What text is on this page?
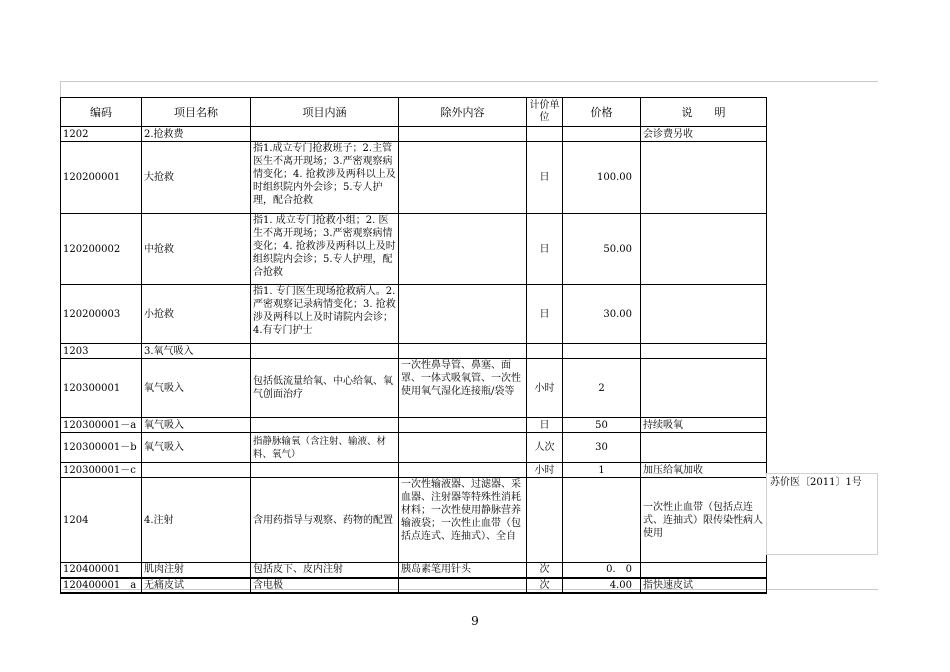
编码	项目名称	项目内涵	除外内容	计价单位	价格	说　　明
1202	2.抢救费					会诊费另收
120200001	大抢救	指1.成立专门抢救班子；2.主管医生不离开现场；3.严密观察病情变化；4. 抢救涉及两科以上及时组织院内外会诊；5.专人护理，配合抢救		日	100.00	
120200002	中抢救	指1. 成立专门抢救小组；2. 医生不离开现场；3.严密观察病情变化；4. 抢救涉及两科以上及时组织院内会诊；5.专人护理，配合抢救		日	50.00	
120200003	小抢救	指1. 专门医生现场抢救病人。2.严密观察记录病情变化；3. 抢救涉及两科以上及时请院内会诊；4.有专门护士		日	30.00	
1203	3.氧气吸入					
120300001	氧气吸入	包括低流量给氧、中心给氧、氧气创面治疗	一次性鼻导管、鼻塞、面罩、一体式吸氧管、一次性使用氧气湿化连接瓶/袋等	小时	2	
120300001－a	氧气吸入			日	50	持续吸氧
120300001－b	氧气吸入	指静脉输氧（含注射、输液、材料、氧气）		人次	30	
120300001－c				小时	1	加压给氧加收
1204	4.注射	含用药指导与观察、药物的配置	一次性输液器、过滤器、采血器、注射器等特殊性消耗材料；一次性使用静脉营养输液袋；一次性止血带（包括点连式、连抽式）、全自			一次性止血带（包括点连式、连抽式）限传染性病人使用
120400001	肌肉注射	包括皮下、皮内注射	胰岛素笔用针头	次	0.　0	
120400001　a	无痛皮试	含电极		次	4.00	指快速皮试
苏价医〔2011〕1号
9
